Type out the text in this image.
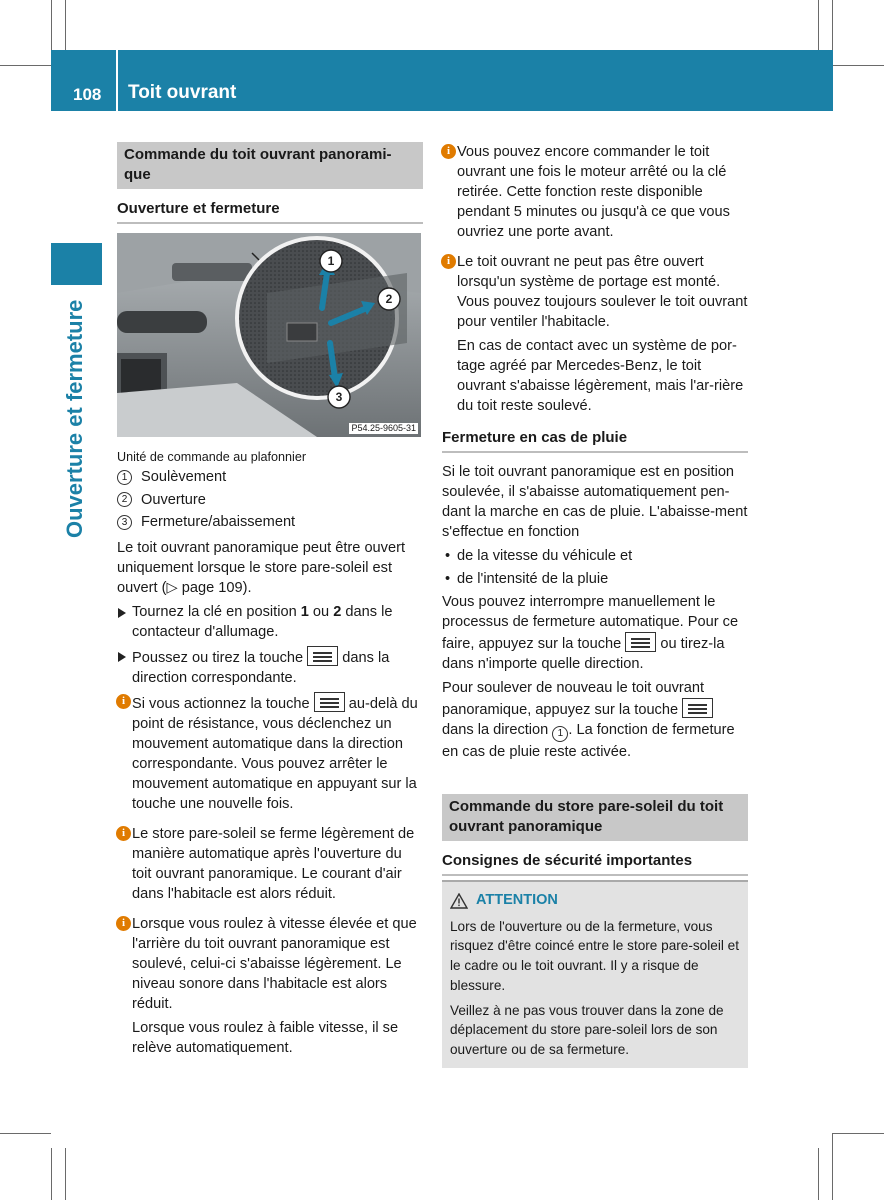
108 Toit ouvrant
Ouverture et fermeture
Commande du toit ouvrant panorami-
que
Ouverture et fermeture
1
2
3
P54.25-9605-31
Unité de commande au plafonnier
1 Soulèvement
2 Ouverture
3 Fermeture/abaissement

Le toit ouvrant panoramique peut être ouvert uniquement lorsque le store pare-soleil est ouvert (▷ page 109).

Tournez la clé en position 1 ou 2 dans le contacteur d'allumage.
Poussez ou tirez la touche
dans la direction correspondante.
i Si vous actionnez la touche
au-delà du point de résistance, vous déclenchez un mouvement automatique dans la direction correspondante. Vous pouvez arrêter le mouvement automatique en appuyant sur la touche une nouvelle fois.
i Le store pare-soleil se ferme légèrement de manière automatique après l'ouverture du toit ouvrant panoramique. Le courant d'air dans l'habitacle est alors réduit.
i Lorsque vous roulez à vitesse élevée et que l'arrière du toit ouvrant panoramique est soulevé, celui-ci s'abaisse légèrement. Le niveau sonore dans l'habitacle est alors réduit.

Lorsque vous roulez à faible vitesse, il se relève automatiquement.

i Vous pouvez encore commander le toit ouvrant une fois le moteur arrêté ou la clé retirée. Cette fonction reste disponible pendant 5 minutes ou jusqu'à ce que vous ouvriez une porte avant.
i Le toit ouvrant ne peut pas être ouvert lorsqu'un système de portage est monté. Vous pouvez toujours soulever le toit ouvrant pour ventiler l'habitacle.

En cas de contact avec un système de por-tage agréé par Mercedes-Benz, le toit ouvrant s'abaisse légèrement, mais l'ar-rière du toit reste soulevé.

Fermeture en cas de pluie

Si le toit ouvrant panoramique est en position soulevée, il s'abaisse automatiquement pen-dant la marche en cas de pluie. L'abaisse-ment s'effectue en fonction

• de la vitesse du véhicule et
• de l'intensité de la pluie

Vous pouvez interrompre manuellement le processus de fermeture automatique. Pour ce faire, appuyez sur la touche
ou tirez-la dans n'importe quelle direction.

Pour soulever de nouveau le toit ouvrant panoramique, appuyez sur la touche
dans la direction 1 . La fonction de fermeture en cas de pluie reste activée.

Commande du store pare-soleil du toit ouvrant panoramique
Consignes de sécurité importantes
ATTENTION

Lors de l'ouverture ou de la fermeture, vous risquez d'être coincé entre le store pare-soleil et le cadre ou le toit ouvrant. Il y a risque de blessure.

Veillez à ne pas vous trouver dans la zone de déplacement du store pare-soleil lors de son ouverture ou de sa fermeture.
